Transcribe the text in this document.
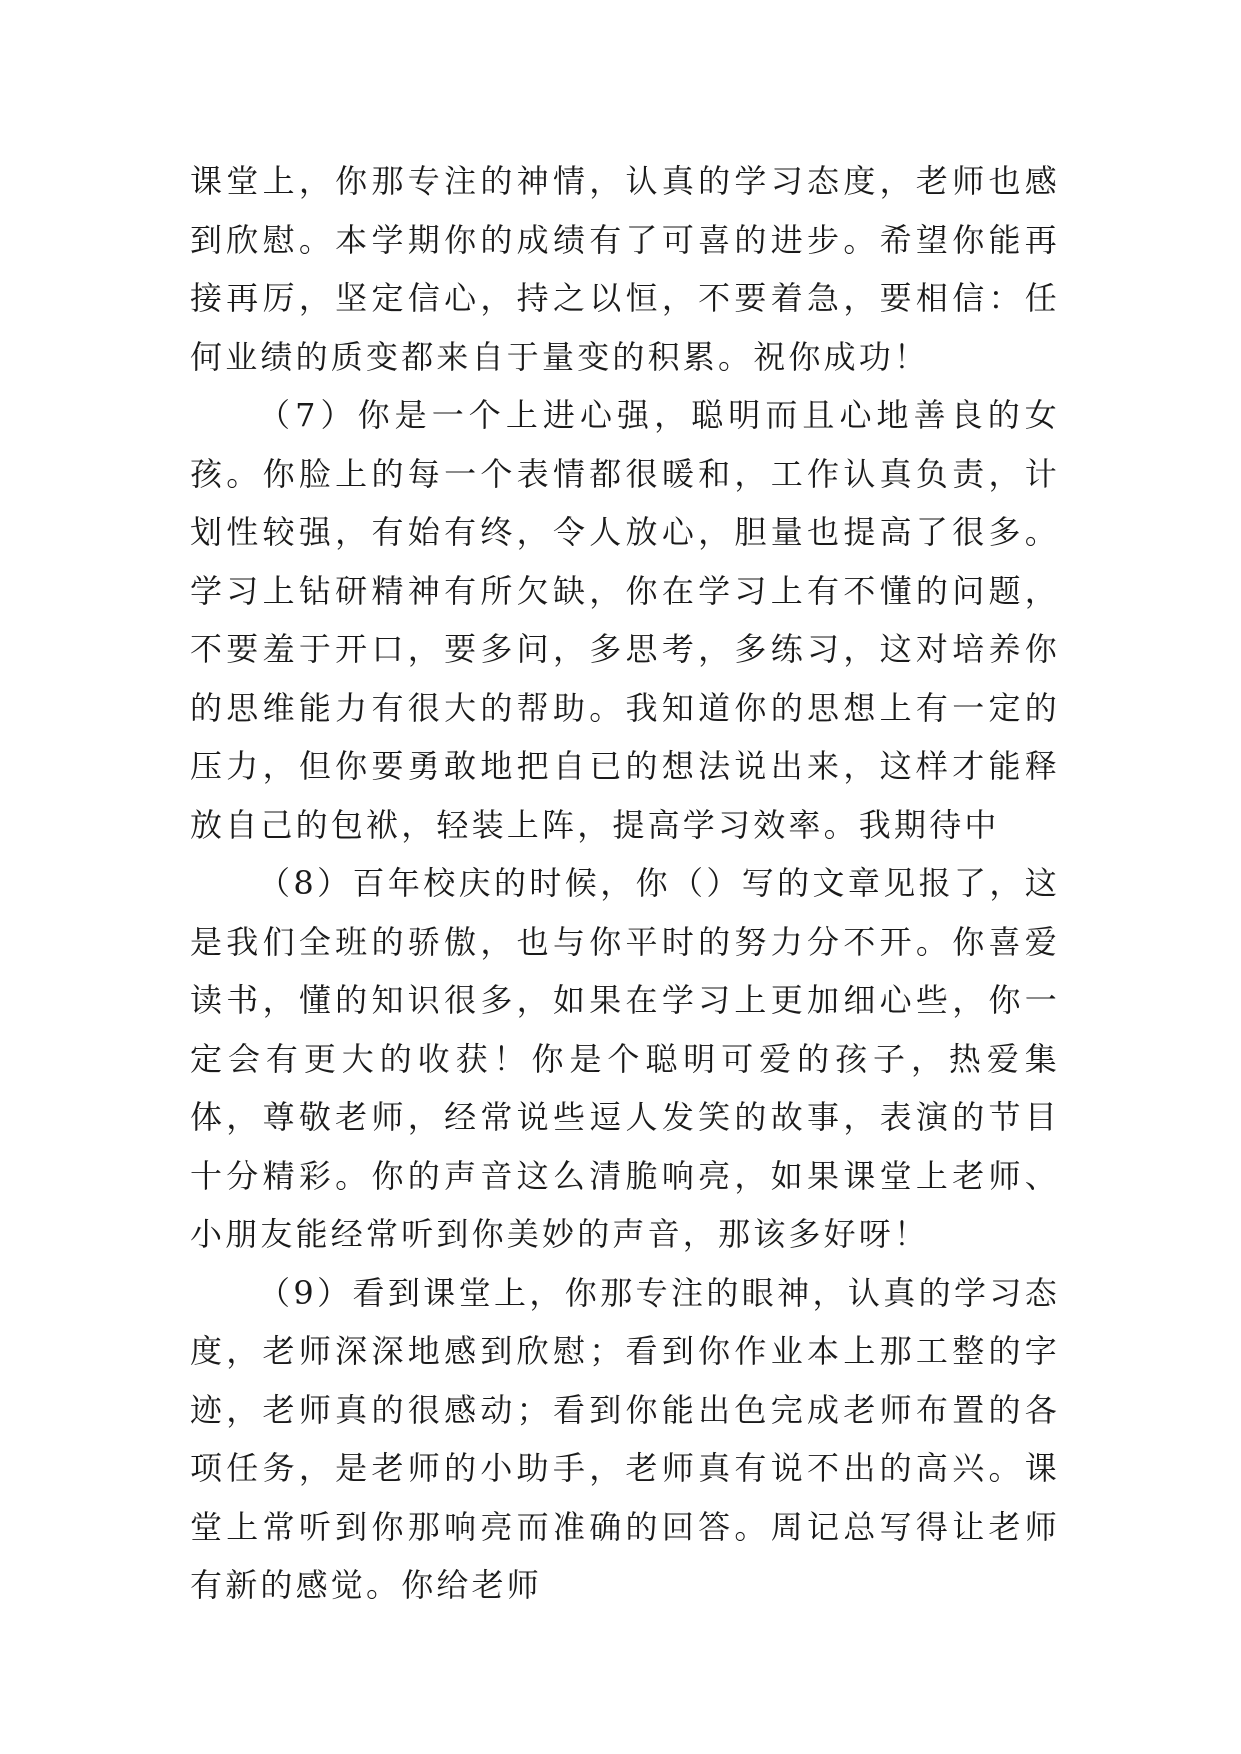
课堂上，你那专注的神情，认真的学习态度，老师也感到欣慰。本学期你的成绩有了可喜的进步。希望你能再接再厉，坚定信心，持之以恒，不要着急，要相信：任何业绩的质变都来自于量变的积累。祝你成功！

（7）你是一个上进心强，聪明而且心地善良的女孩。你脸上的每一个表情都很暖和，工作认真负责，计划性较强，有始有终，令人放心，胆量也提高了很多。学习上钻研精神有所欠缺，你在学习上有不懂的问题，不要羞于开口，要多问，多思考，多练习，这对培养你的思维能力有很大的帮助。我知道你的思想上有一定的压力，但你要勇敢地把自已的想法说出来，这样才能释放自己的包袱，轻装上阵，提高学习效率。我期待中

（8）百年校庆的时候，你（）写的文章见报了，这是我们全班的骄傲，也与你平时的努力分不开。你喜爱读书，懂的知识很多，如果在学习上更加细心些，你一定会有更大的收获！你是个聪明可爱的孩子，热爱集体，尊敬老师，经常说些逗人发笑的故事，表演的节目十分精彩。你的声音这么清脆响亮，如果课堂上老师、小朋友能经常听到你美妙的声音，那该多好呀！

（9）看到课堂上，你那专注的眼神，认真的学习态度，老师深深地感到欣慰；看到你作业本上那工整的字迹，老师真的很感动；看到你能出色完成老师布置的各项任务，是老师的小助手，老师真有说不出的高兴。课堂上常听到你那响亮而准确的回答。周记总写得让老师有新的感觉。你给老师
